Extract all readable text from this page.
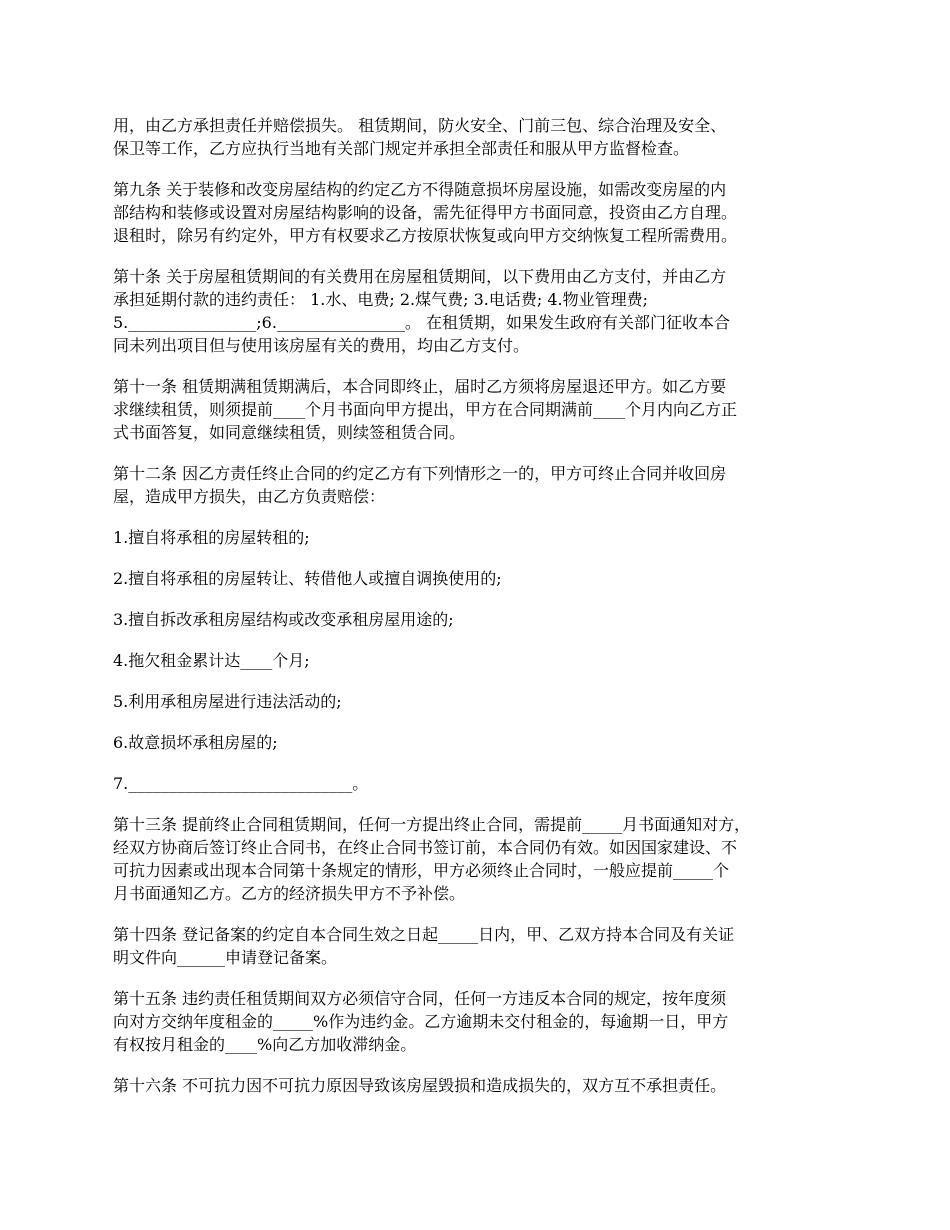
用，由乙方承担责任并赔偿损失。 租赁期间，防火安全、门前三包、综合治理及安全、
保卫等工作，乙方应执行当地有关部门规定并承担全部责任和服从甲方监督检查。
第九条 关于装修和改变房屋结构的约定乙方不得随意损坏房屋设施，如需改变房屋的内
部结构和装修或设置对房屋结构影响的设备，需先征得甲方书面同意，投资由乙方自理。
退租时，除另有约定外，甲方有权要求乙方按原状恢复或向甲方交纳恢复工程所需费用。
第十条 关于房屋租赁期间的有关费用在房屋租赁期间，以下费用由乙方支付，并由乙方
承担延期付款的违约责任： 1.水、电费; 2.煤气费; 3.电话费; 4.物业管理费;
5.________________;6.________________。 在租赁期，如果发生政府有关部门征收本合
同未列出项目但与使用该房屋有关的费用，均由乙方支付。
第十一条 租赁期满租赁期满后，本合同即终止，届时乙方须将房屋退还甲方。如乙方要
求继续租赁，则须提前____个月书面向甲方提出，甲方在合同期满前____个月内向乙方正
式书面答复，如同意继续租赁，则续签租赁合同。
第十二条 因乙方责任终止合同的约定乙方有下列情形之一的，甲方可终止合同并收回房
屋，造成甲方损失，由乙方负责赔偿：
1.擅自将承租的房屋转租的;
2.擅自将承租的房屋转让、转借他人或擅自调换使用的;
3.擅自拆改承租房屋结构或改变承租房屋用途的;
4.拖欠租金累计达____个月;
5.利用承租房屋进行违法活动的;
6.故意损坏承租房屋的;
7.____________________________。
第十三条 提前终止合同租赁期间，任何一方提出终止合同，需提前_____月书面通知对方，
经双方协商后签订终止合同书，在终止合同书签订前，本合同仍有效。如因国家建设、不
可抗力因素或出现本合同第十条规定的情形，甲方必须终止合同时，一般应提前_____个
月书面通知乙方。乙方的经济损失甲方不予补偿。
第十四条 登记备案的约定自本合同生效之日起_____日内，甲、乙双方持本合同及有关证
明文件向______申请登记备案。
第十五条 违约责任租赁期间双方必须信守合同，任何一方违反本合同的规定，按年度须
向对方交纳年度租金的_____%作为违约金。乙方逾期未交付租金的，每逾期一日，甲方
有权按月租金的____%向乙方加收滞纳金。
第十六条 不可抗力因不可抗力原因导致该房屋毁损和造成损失的，双方互不承担责任。
